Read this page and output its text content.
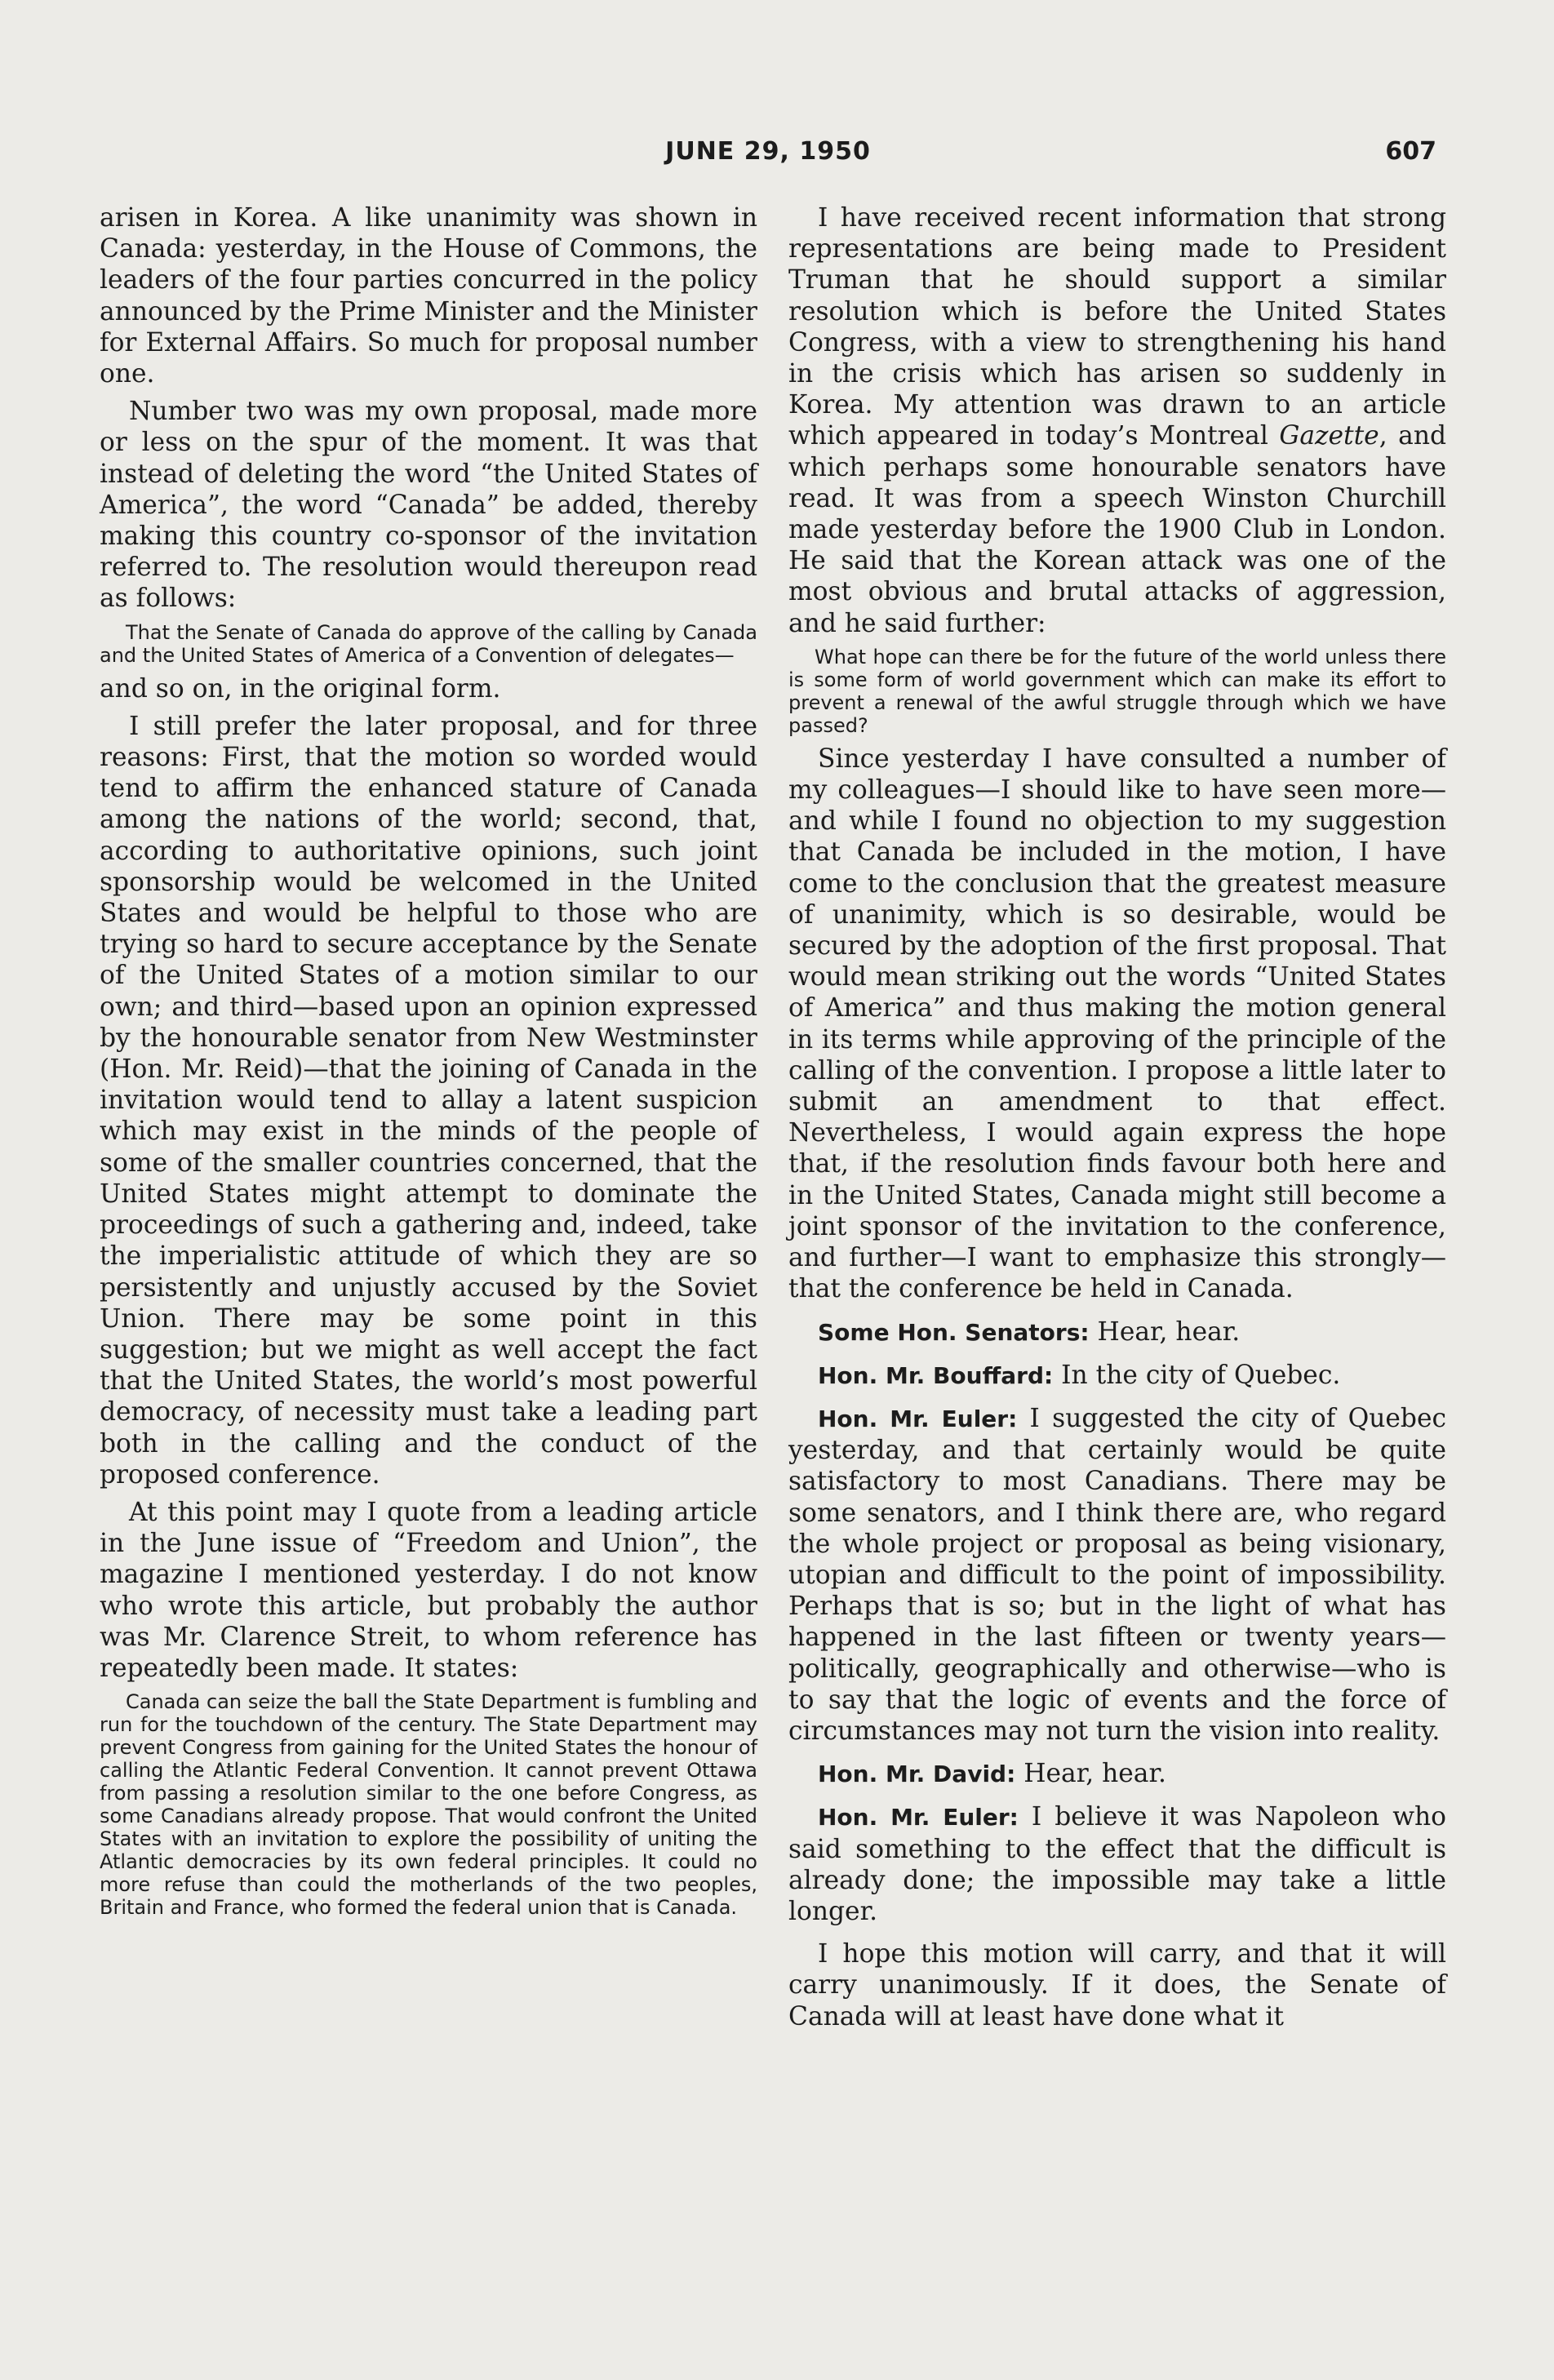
JUNE 29, 1950	607

arisen in Korea. A like unanimity was shown in Canada: yesterday, in the House of Commons, the leaders of the four parties concurred in the policy announced by the Prime Minister and the Minister for External Affairs. So much for proposal number one.

Number two was my own proposal, made more or less on the spur of the moment. It was that instead of deleting the word “the United States of America”, the word “Canada” be added, thereby making this country co-sponsor of the invitation referred to. The resolution would thereupon read as follows:

That the Senate of Canada do approve of the calling by Canada and the United States of America of a Convention of delegates—

and so on, in the original form.

I still prefer the later proposal, and for three reasons: First, that the motion so worded would tend to affirm the enhanced stature of Canada among the nations of the world; second, that, according to authoritative opinions, such joint sponsorship would be welcomed in the United States and would be helpful to those who are trying so hard to secure acceptance by the Senate of the United States of a motion similar to our own; and third—based upon an opinion expressed by the honourable senator from New Westminster (Hon. Mr. Reid)—that the joining of Canada in the invitation would tend to allay a latent suspicion which may exist in the minds of the people of some of the smaller countries concerned, that the United States might attempt to dominate the proceedings of such a gathering and, indeed, take the imperialistic attitude of which they are so persistently and unjustly accused by the Soviet Union. There may be some point in this suggestion; but we might as well accept the fact that the United States, the world’s most powerful democracy, of necessity must take a leading part both in the calling and the conduct of the proposed conference.

At this point may I quote from a leading article in the June issue of “Freedom and Union”, the magazine I mentioned yesterday. I do not know who wrote this article, but probably the author was Mr. Clarence Streit, to whom reference has repeatedly been made. It states:

Canada can seize the ball the State Department is fumbling and run for the touchdown of the century. The State Department may prevent Congress from gaining for the United States the honour of calling the Atlantic Federal Convention. It cannot prevent Ottawa from passing a resolution similar to the one before Congress, as some Canadians already propose. That would confront the United States with an invitation to explore the possibility of uniting the Atlantic democracies by its own federal principles. It could no more refuse than could the motherlands of the two peoples, Britain and France, who formed the federal union that is Canada.

I have received recent information that strong representations are being made to President Truman that he should support a similar resolution which is before the United States Congress, with a view to strengthening his hand in the crisis which has arisen so suddenly in Korea. My attention was drawn to an article which appeared in today’s Montreal Gazette, and which perhaps some honourable senators have read. It was from a speech Winston Churchill made yesterday before the 1900 Club in London. He said that the Korean attack was one of the most obvious and brutal attacks of aggression, and he said further:

What hope can there be for the future of the world unless there is some form of world government which can make its effort to prevent a renewal of the awful struggle through which we have passed?

Since yesterday I have consulted a number of my colleagues—I should like to have seen more—and while I found no objection to my suggestion that Canada be included in the motion, I have come to the conclusion that the greatest measure of unanimity, which is so desirable, would be secured by the adoption of the first proposal. That would mean striking out the words “United States of America” and thus making the motion general in its terms while approving of the principle of the calling of the convention. I propose a little later to submit an amendment to that effect. Nevertheless, I would again express the hope that, if the resolution finds favour both here and in the United States, Canada might still become a joint sponsor of the invitation to the conference, and further—I want to emphasize this strongly—that the conference be held in Canada.

Some Hon. Senators: Hear, hear.

Hon. Mr. Bouffard: In the city of Quebec.

Hon. Mr. Euler: I suggested the city of Quebec yesterday, and that certainly would be quite satisfactory to most Canadians. There may be some senators, and I think there are, who regard the whole project or proposal as being visionary, utopian and difficult to the point of impossibility. Perhaps that is so; but in the light of what has happened in the last fifteen or twenty years—politically, geographically and otherwise—who is to say that the logic of events and the force of circumstances may not turn the vision into reality.

Hon. Mr. David: Hear, hear.

Hon. Mr. Euler: I believe it was Napoleon who said something to the effect that the difficult is already done; the impossible may take a little longer.

I hope this motion will carry, and that it will carry unanimously. If it does, the Senate of Canada will at least have done what it
